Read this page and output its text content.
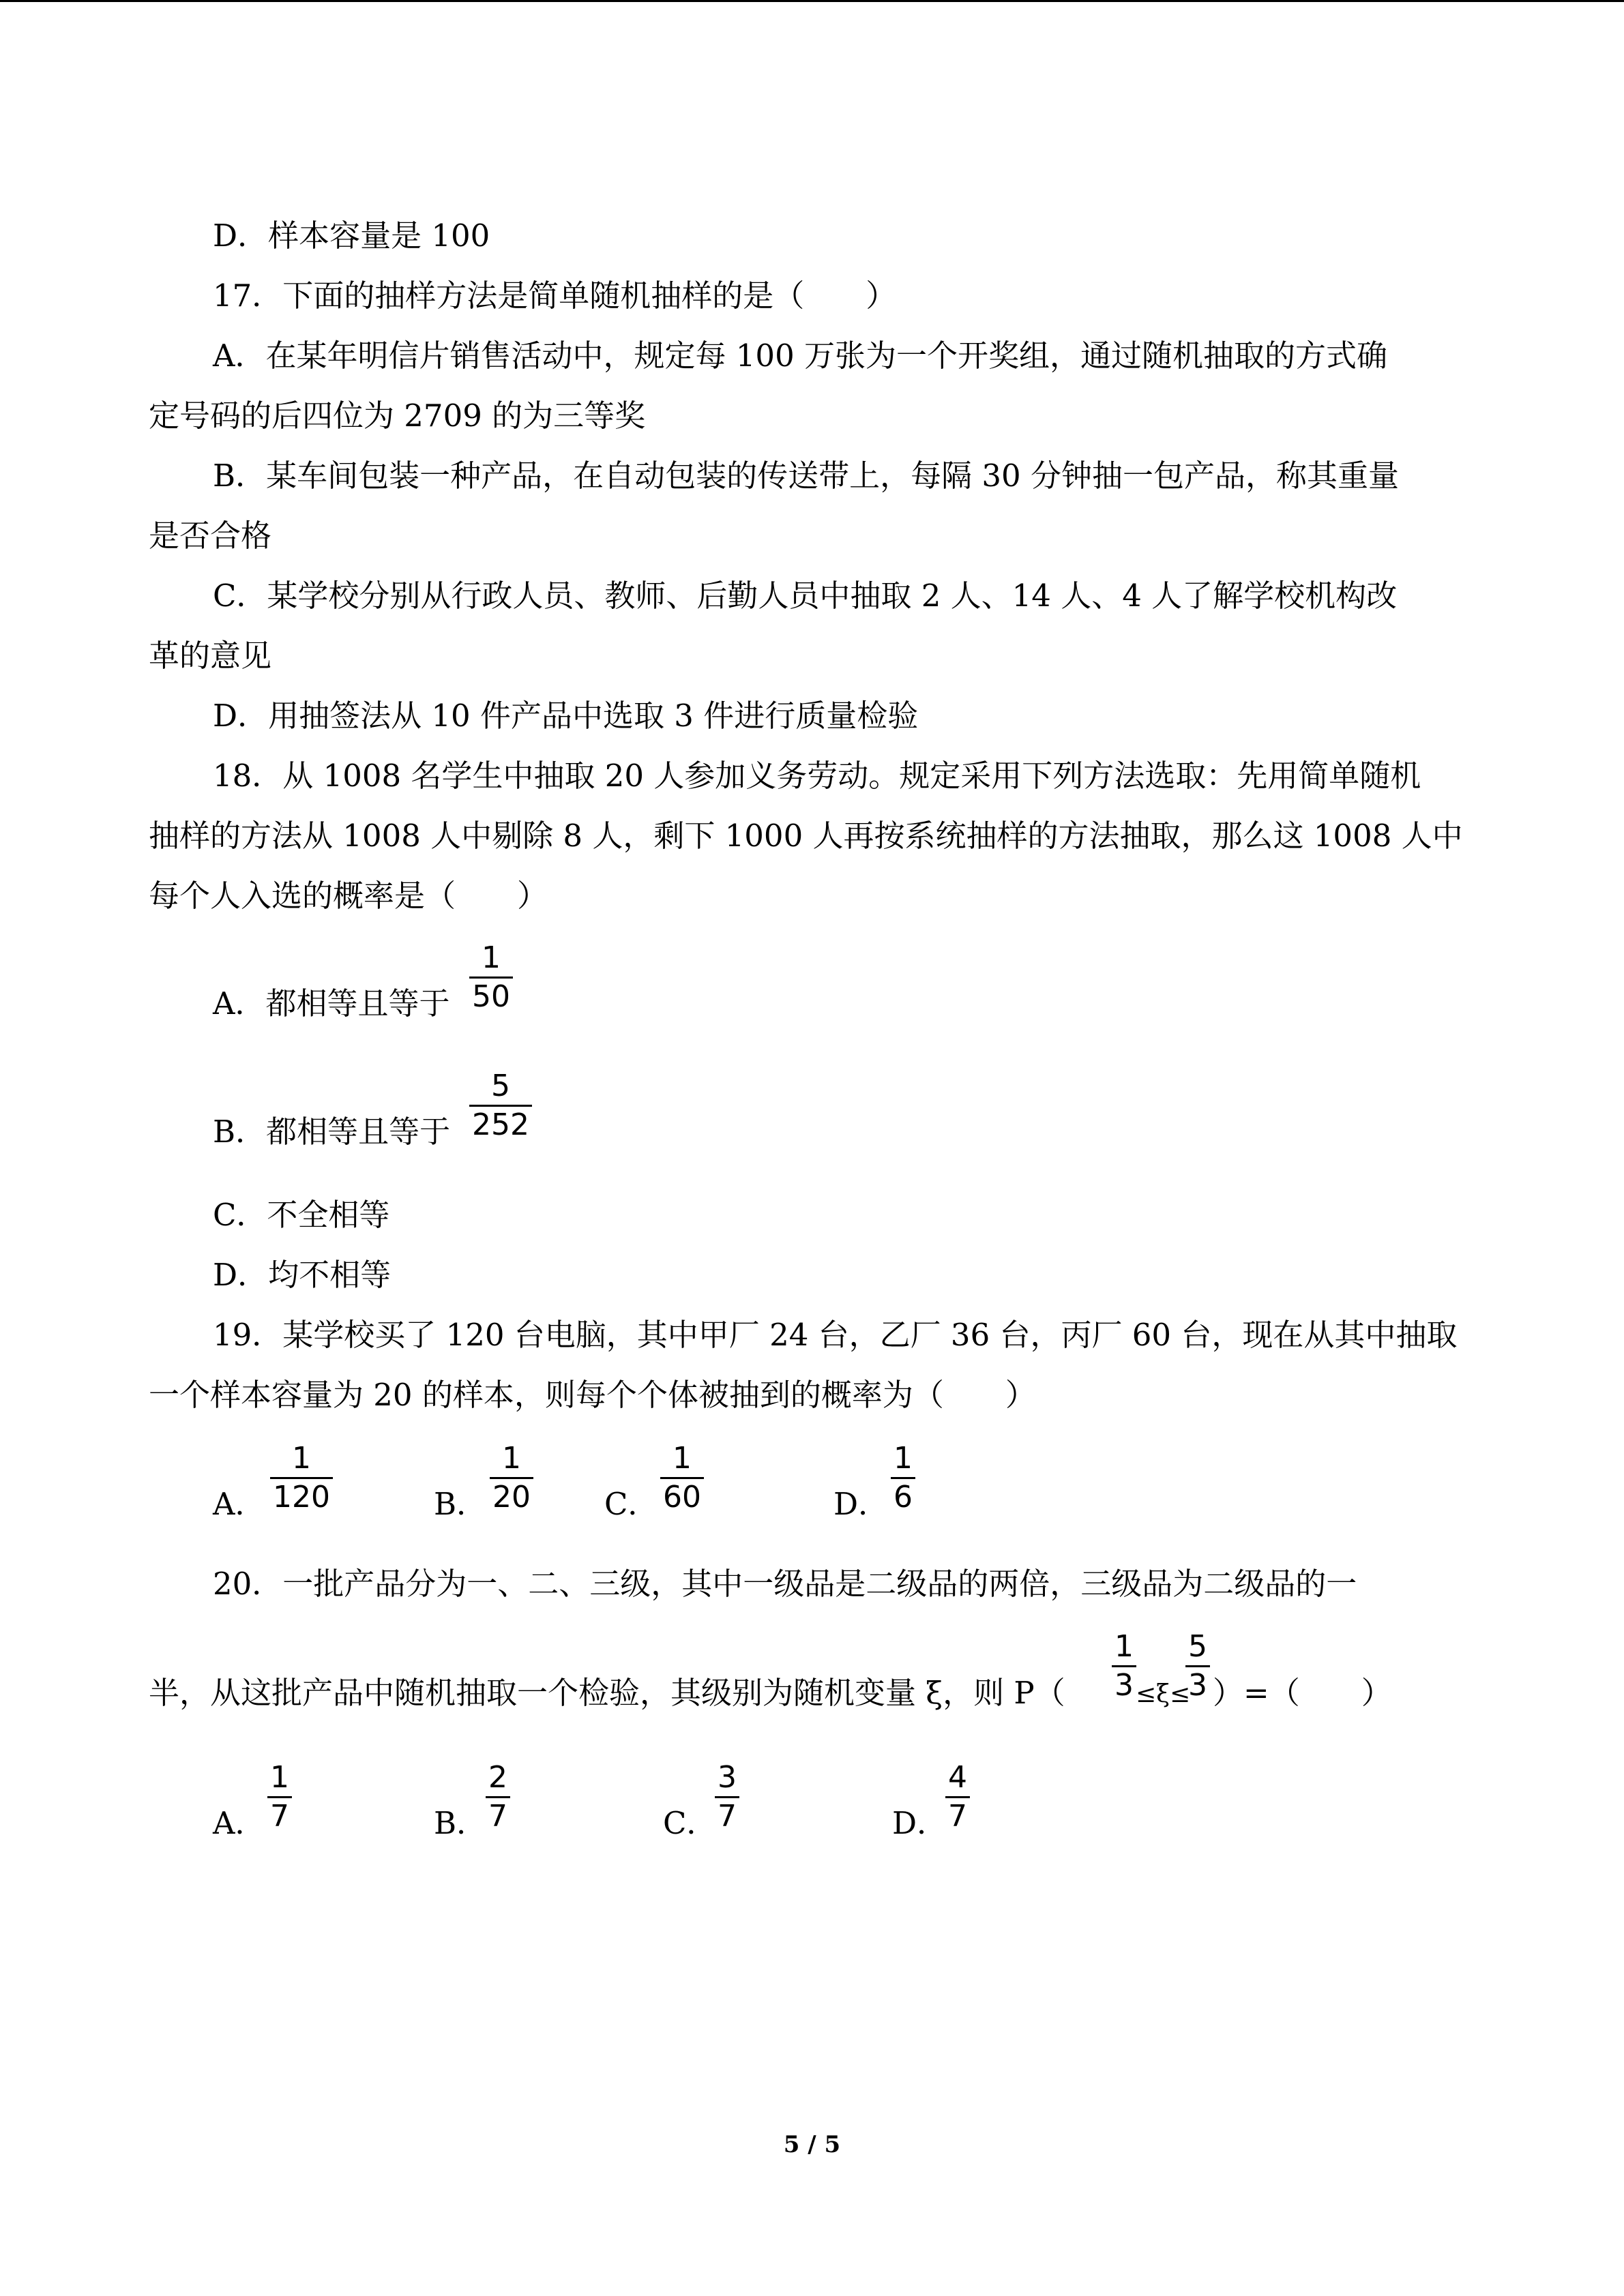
D．样本容量是 100
17．下面的抽样方法是简单随机抽样的是（　　）
A．在某年明信片销售活动中，规定每 100 万张为一个开奖组，通过随机抽取的方式确
定号码的后四位为 2709 的为三等奖
B．某车间包装一种产品，在自动包装的传送带上，每隔 30 分钟抽一包产品，称其重量
是否合格
C．某学校分别从行政人员、教师、后勤人员中抽取 2 人、14 人、4 人了解学校机构改
革的意见
D．用抽签法从 10 件产品中选取 3 件进行质量检验
18．从 1008 名学生中抽取 20 人参加义务劳动。规定采用下列方法选取：先用简单随机
抽样的方法从 1008 人中剔除 8 人，剩下 1000 人再按系统抽样的方法抽取，那么这 1008 人中
每个人入选的概率是（　　）
A．都相等且等于
1
50
B．都相等且等于
5
252
C．不全相等
D．均不相等
19．某学校买了 120 台电脑，其中甲厂 24 台，乙厂 36 台，丙厂 60 台，现在从其中抽取
一个样本容量为 20 的样本，则每个个体被抽到的概率为（　　）
A．
1
120	B．
1
20 C．
1
60	D．
1
6
20．一批产品分为一、二、三级，其中一级品是二级品的两倍，三级品为二级品的一
半，从这批产品中随机抽取一个检验，其级别为随机变量 ξ，则 P（
1
3 ≤ξ≤
5
3 ）=（　　）
A．
1
7	B．
2
7	C．
3
7	D．
4
7
5 / 5
